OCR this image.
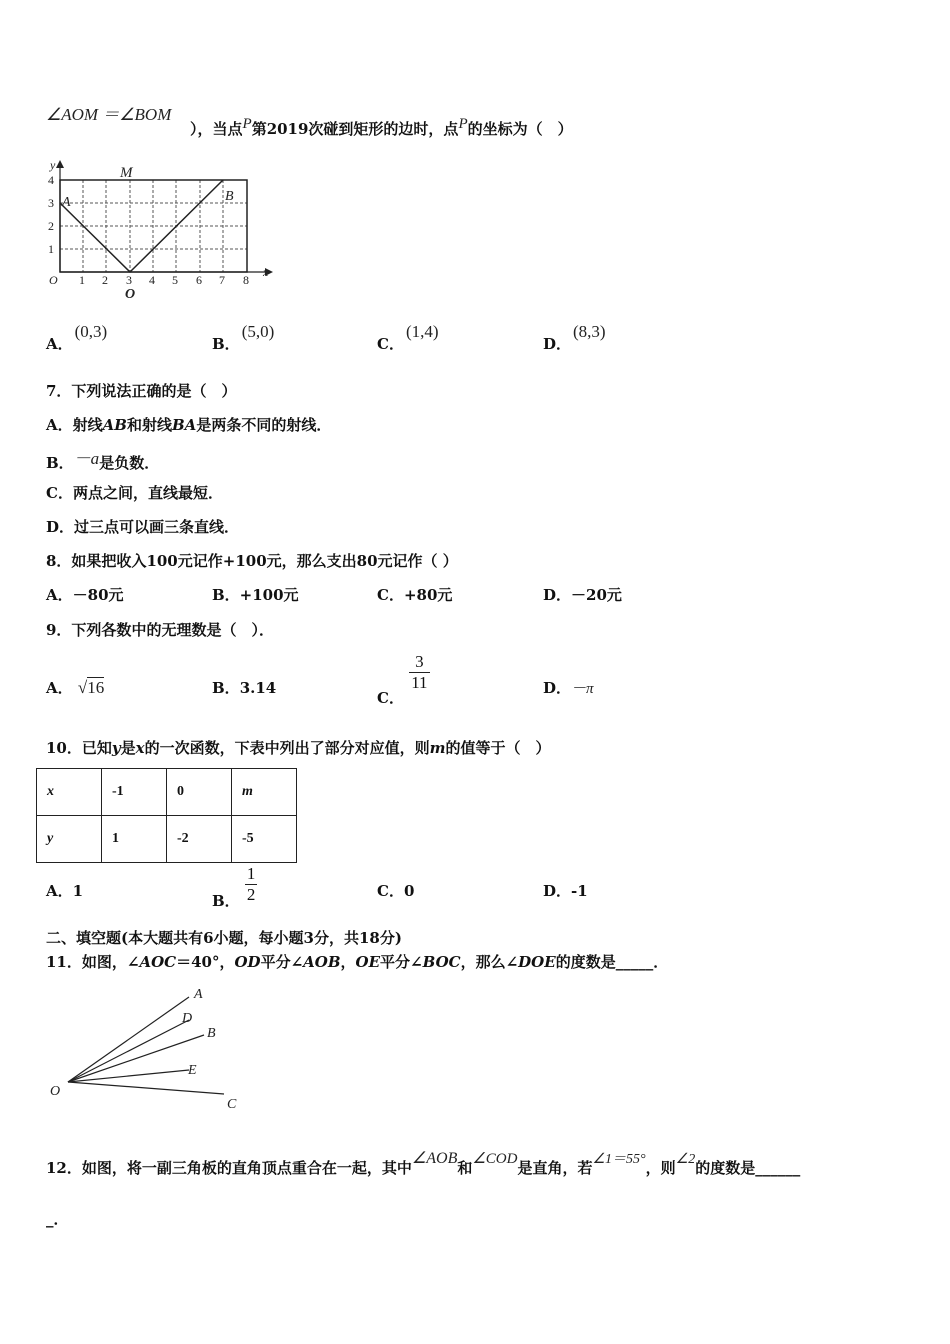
∠AOM ＝∠BOM
），当点$^P$第2019次碰到矩形的边时，点$^P$的坐标为（　）
4
3
2
1
y
x
O 1 2 3 4 5 6 7 8
O
A	B
M
A．(0,3)
B．(5,0)
C．(1,4)
D．(8,3)
7．下列说法正确的是（　）
A．射线AB和射线BA是两条不同的射线．
B．－a是负数．
C．两点之间，直线最短．
D．过三点可以画三条直线．
8．如果把收入100元记作+100元，那么支出80元记作（ ）
A．－80元	B．+100元	C．+80元	D．－20元
9．下列各数中的无理数是（　）．
A． √16	B．3.14
C．
$\frac{3}{11}$	D．－π
10．已知y是x的一次函数，下表中列出了部分对应值，则m的值等于（　）
x	-1	0	m
y	1	-2	-5
A．1
B． $\frac{1}{2}$	C．0	D．-1
二、填空题(本大题共有6小题，每小题3分，共18分)
11．如图，∠AOC＝40°，OD平分∠AOB，OE平分∠BOC，那么∠DOE的度数是_____．
O
A
D
B
E
C
12．如图，将一副三角板的直角顶点重合在一起，其中∠AOB和∠COD是直角，若∠1＝55°，则∠2的度数是______
_．
